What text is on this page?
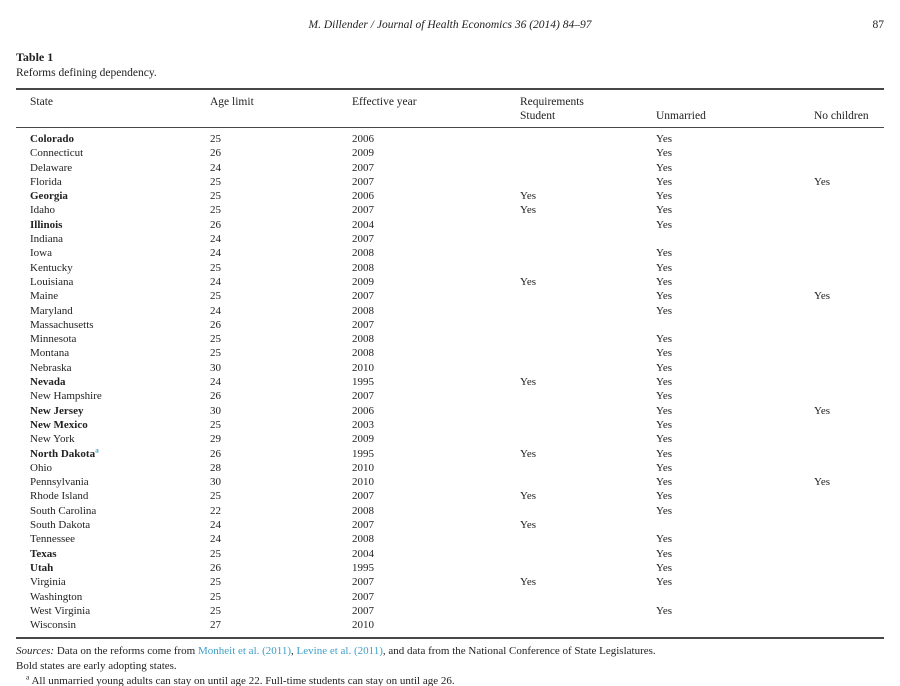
M. Dillender / Journal of Health Economics 36 (2014) 84–97	87
Table 1
Reforms defining dependency.
State	Age limit	Effective year	Requirements
Student	Unmarried	No children
Colorado	25	2006		Yes	
Connecticut	26	2009		Yes	
Delaware	24	2007		Yes	
Florida	25	2007		Yes	Yes
Georgia	25	2006	Yes	Yes	
Idaho	25	2007	Yes	Yes	
Illinois	26	2004		Yes	
Indiana	24	2007			
Iowa	24	2008		Yes	
Kentucky	25	2008		Yes	
Louisiana	24	2009	Yes	Yes	
Maine	25	2007		Yes	Yes
Maryland	24	2008		Yes	
Massachusetts	26	2007			
Minnesota	25	2008		Yes	
Montana	25	2008		Yes	
Nebraska	30	2010		Yes	
Nevada	24	1995	Yes	Yes	
New Hampshire	26	2007		Yes	
New Jersey	30	2006		Yes	Yes
New Mexico	25	2003		Yes	
New York	29	2009		Yes	
North Dakota$^a$	26	1995	Yes	Yes	
Ohio	28	2010		Yes	
Pennsylvania	30	2010		Yes	Yes
Rhode Island	25	2007	Yes	Yes	
South Carolina	22	2008		Yes	
South Dakota	24	2007	Yes		
Tennessee	24	2008		Yes	
Texas	25	2004		Yes	
Utah	26	1995		Yes	
Virginia	25	2007	Yes	Yes	
Washington	25	2007			
West Virginia	25	2007		Yes	
Wisconsin	27	2010			
Sources: Data on the reforms come from Monheit et al. (2011), Levine et al. (2011), and data from the National Conference of State Legislatures.
Bold states are early adopting states.
$^a$ All unmarried young adults can stay on until age 22. Full-time students can stay on until age 26.
